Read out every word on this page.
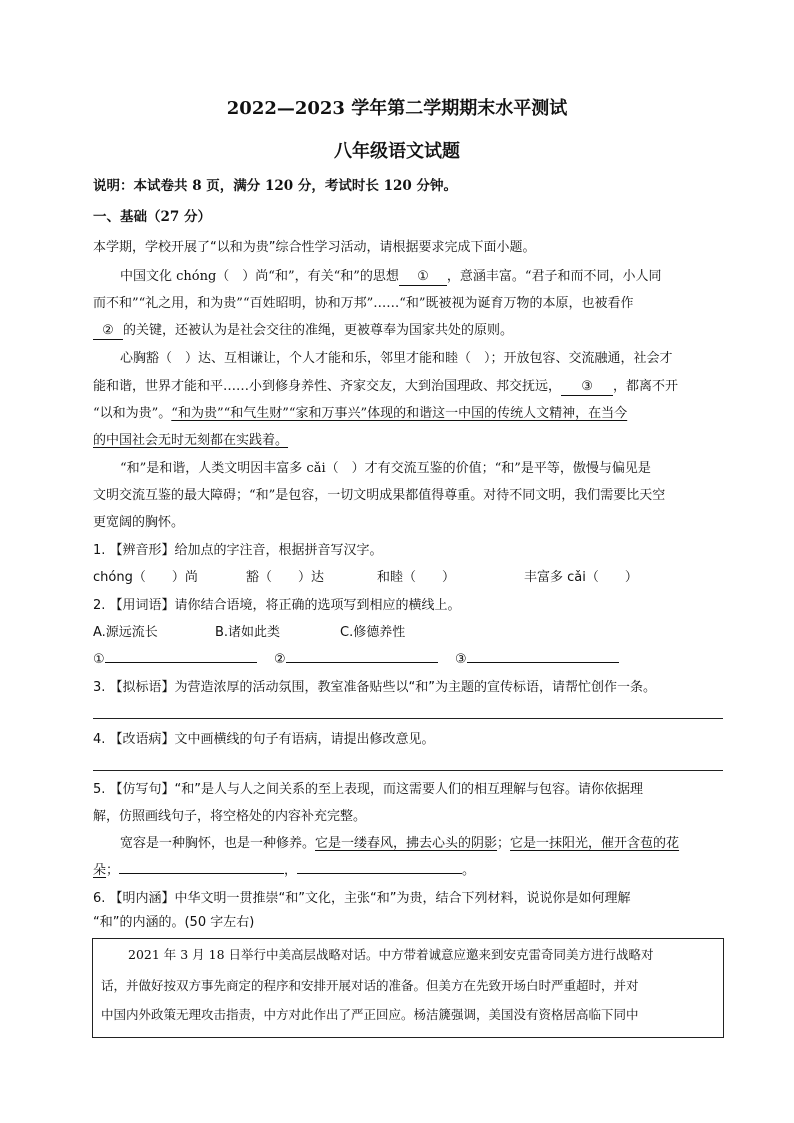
2022—2023 学年第二学期期末水平测试
八年级语文试题
说明：本试卷共 8 页，满分 120 分，考试时长 120 分钟。
一、基础（27 分）
本学期，学校开展了“以和为贵”综合性学习活动，请根据要求完成下面小题。
中国文化 chóng（　）尚“和”，有关“和”的思想 ① ，意涵丰富。“君子和而不同，小人同
而不和”“礼之用，和为贵”“百姓昭明，协和万邦”……“和”既被视为诞育万物的本原，也被看作
② 的关键，还被认为是社会交往的准绳，更被尊奉为国家共处的原则。
心胸豁（　）达、互相谦让，个人才能和乐，邻里才能和睦（　）；开放包容、交流融通，社会才
能和谐，世界才能和平……小到修身养性、齐家交友，大到治国理政、邦交抚远， ③ ，都离不开
“以和为贵”。“和为贵”“和气生财”“家和万事兴”体现的和谐这一中国的传统人文精神，在当今
的中国社会无时无刻都在实践着。
“和”是和谐，人类文明因丰富多 cǎi（　）才有交流互鉴的价值；“和”是平等，傲慢与偏见是
文明交流互鉴的最大障碍；“和”是包容，一切文明成果都值得尊重。对待不同文明，我们需要比天空
更宽阔的胸怀。
1. 【辨音形】给加点的字注音，根据拼音写汉字。
chóng（　　）尚	豁（　　）达	和睦（　　）	丰富多 cǎi（　　）
2. 【用词语】请你结合语境，将正确的选项写到相应的横线上。
A.源远流长	B.诸如此类	C.修德养性
①	②	③
3. 【拟标语】为营造浓厚的活动氛围，教室准备贴些以“和”为主题的宣传标语，请帮忙创作一条。
4. 【改语病】文中画横线的句子有语病，请提出修改意见。
5. 【仿写句】“和”是人与人之间关系的至上表现，而这需要人们的相互理解与包容。请你依据理
解，仿照画线句子，将空格处的内容补充完整。
宽容是一种胸怀，也是一种修养。它是一缕春风，拂去心头的阴影；它是一抹阳光，催开含苞的花
朵；	，	。
6. 【明内涵】中华文明一贯推崇“和”文化，主张“和”为贵，结合下列材料，说说你是如何理解
“和”的内涵的。(50 字左右)
2021 年 3 月 18 日举行中美高层战略对话。中方带着诚意应邀来到安克雷奇同美方进行战略对
话，并做好按双方事先商定的程序和安排开展对话的准备。但美方在先致开场白时严重超时，并对
中国内外政策无理攻击指责，中方对此作出了严正回应。杨洁篪强调，美国没有资格居高临下同中
